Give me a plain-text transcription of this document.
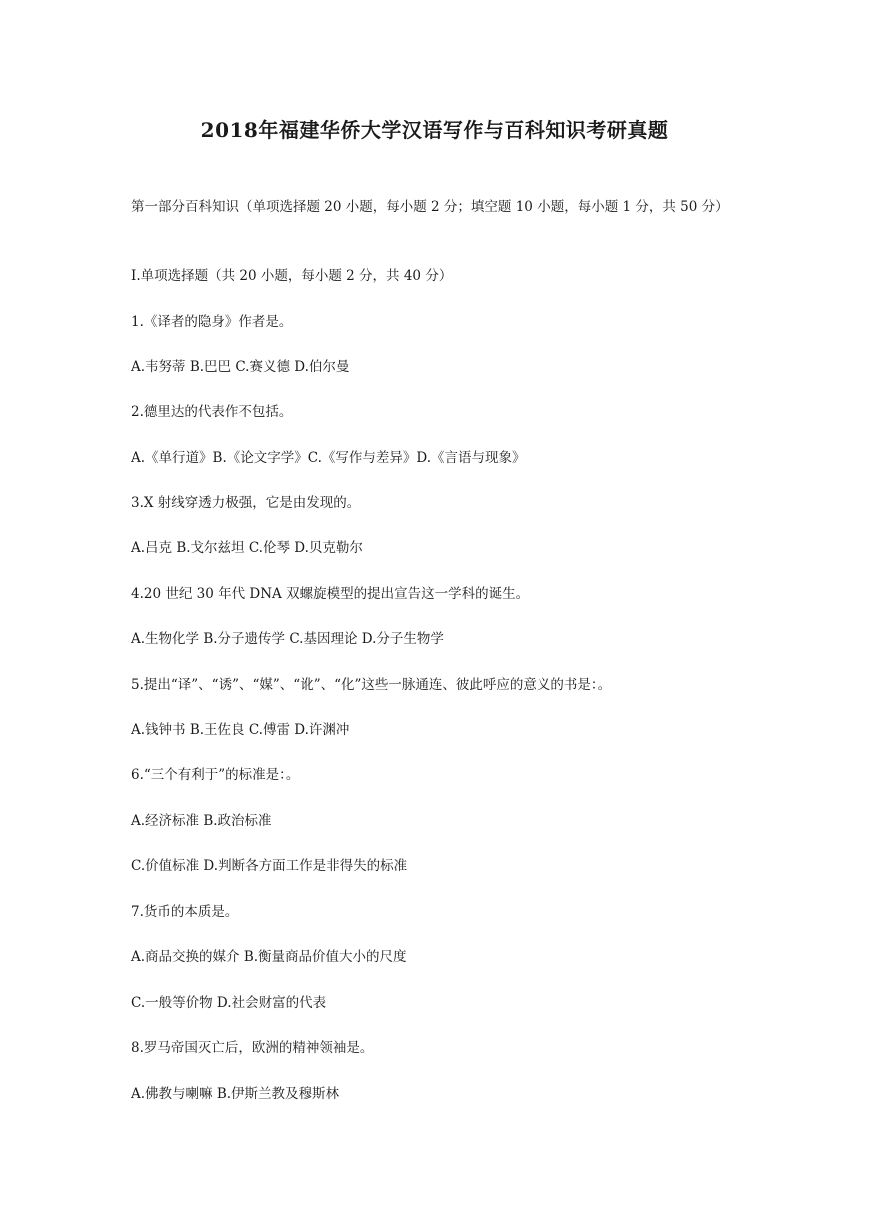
2018年福建华侨大学汉语写作与百科知识考研真题

第一部分百科知识（单项选择题 20 小题，每小题 2 分；填空题 10 小题，每小题 1 分，共 50 分）

Ⅰ.单项选择题（共 20 小题，每小题 2 分，共 40 分）

1.《译者的隐身》作者是。

A.韦努蒂 B.巴巴 C.赛义德 D.伯尔曼

2.德里达的代表作不包括。

A.《单行道》B.《论文字学》C.《写作与差异》D.《言语与现象》

3.X 射线穿透力极强，它是由发现的。

A.吕克 B.戈尔兹坦 C.伦琴 D.贝克勒尔

4.20 世纪 30 年代 DNA 双螺旋模型的提出宣告这一学科的诞生。

A.生物化学 B.分子遗传学 C.基因理论 D.分子生物学

5.提出“译”、“诱”、“媒”、“讹”、“化”这些一脉通连、彼此呼应的意义的书是：。

A.钱钟书 B.王佐良 C.傅雷 D.许渊冲

6.“三个有利于”的标准是：。

A.经济标准 B.政治标准

C.价值标准 D.判断各方面工作是非得失的标准

7.货币的本质是。

A.商品交换的媒介 B.衡量商品价值大小的尺度

C.一般等价物 D.社会财富的代表

8.罗马帝国灭亡后，欧洲的精神领袖是。

A.佛教与喇嘛 B.伊斯兰教及穆斯林
